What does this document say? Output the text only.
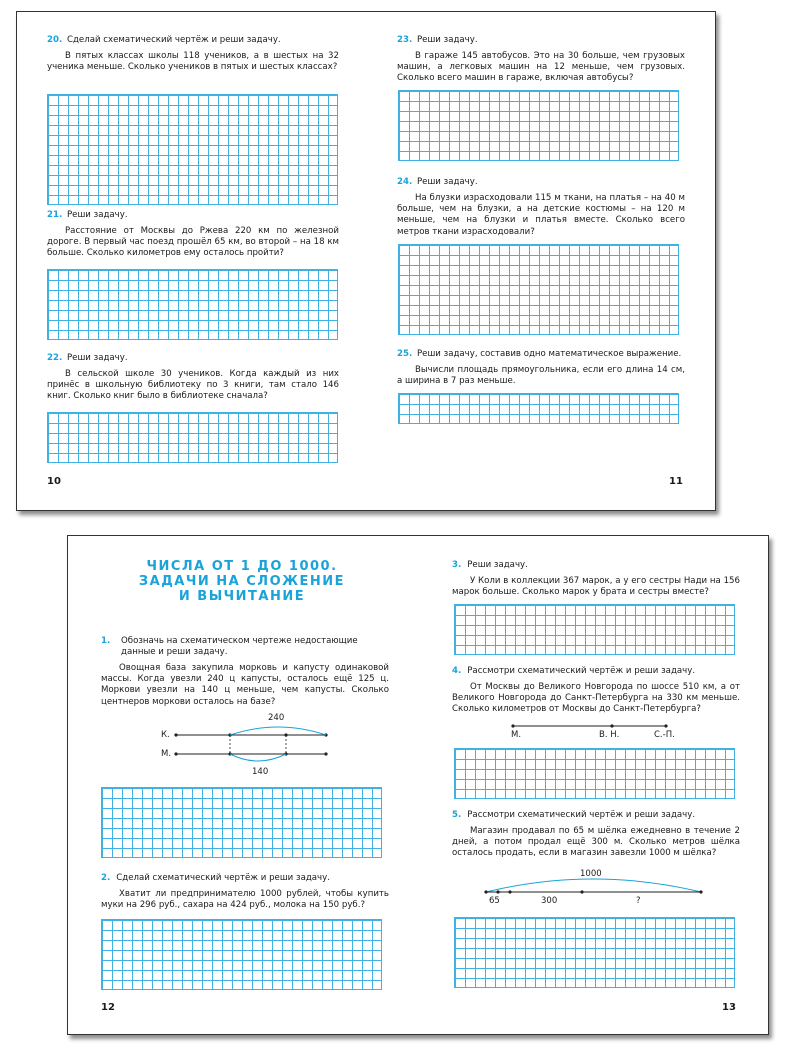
20. Сделай схематический чертёж и реши задачу.
В пятых классах школы 118 учеников, а в шестых на 32 ученика меньше. Сколько учеников в пятых и шестых классах?
21. Реши задачу.
Расстояние от Москвы до Ржева 220 км по железной дороге. В первый час поезд прошёл 65 км, во второй – на 18 км больше. Сколько километров ему осталось пройти?
22. Реши задачу.
В сельской школе 30 учеников. Когда каждый из них принёс в школьную библиотеку по 3 книги, там стало 146 книг. Сколько книг было в библиотеке сначала?
10
23. Реши задачу.
В гараже 145 автобусов. Это на 30 больше, чем грузовых машин, а легковых машин на 12 меньше, чем грузовых. Сколько всего машин в гараже, включая автобусы?
24. Реши задачу.
На блузки израсходовали 115 м ткани, на платья – на 40 м больше, чем на блузки, а на детские костюмы – на 120 м меньше, чем на блузки и платья вместе. Сколько всего метров ткани израсходовали?
25. Реши задачу, составив одно математическое выражение.
Вычисли площадь прямоугольника, если его длина 14 см, а ширина в 7 раз меньше.
11
ЧИСЛА ОТ 1 ДО 1000.
ЗАДАЧИ НА СЛОЖЕНИЕ
И ВЫЧИТАНИЕ
1.	Обозначь на схематическом чертеже недостающие данные и реши задачу.
Овощная база закупила морковь и капусту одинаковой массы. Когда увезли 240 ц капусты, осталось ещё 125 ц. Моркови увезли на 140 ц меньше, чем капусты. Сколько центнеров моркови осталось на базе?
К.
М.
240
140
2. Сделай схематический чертёж и реши задачу.
Хватит ли предпринимателю 1000 рублей, чтобы купить муки на 296 руб., сахара на 424 руб., молока на 150 руб.?
12
3. Реши задачу.
У Коли в коллекции 367 марок, а у его сестры Нади на 156 марок больше. Сколько марок у брата и сестры вместе?
4. Рассмотри схематический чертёж и реши задачу.
От Москвы до Великого Новгорода по шоссе 510 км, а от Великого Новгорода до Санкт-Петербурга на 330 км меньше. Сколько километров от Москвы до Санкт-Петербурга?
М.	В. Н.	С.-П.
5. Рассмотри схематический чертёж и реши задачу.
Магазин продавал по 65 м шёлка ежедневно в течение 2 дней, а потом продал ещё 300 м. Сколько метров шёлка осталось продать, если в магазин завезли 1000 м шёлка?
1000
65	300	?
13
